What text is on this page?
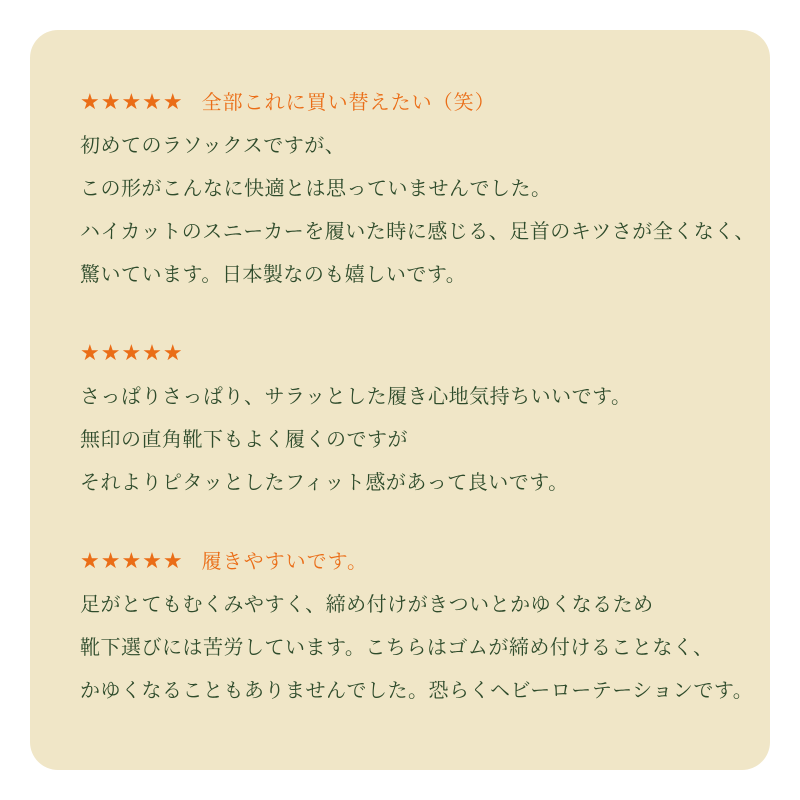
★★★★★ 全部これに買い替えたい（笑）
初めてのラソックスですが、
この形がこんなに快適とは思っていませんでした。
ハイカットのスニーカーを履いた時に感じる、足首のキツさが全くなく、
驚いています。日本製なのも嬉しいです。
★★★★★
さっぱりさっぱり、サラッとした履き心地気持ちいいです。
無印の直角靴下もよく履くのですが
それよりピタッとしたフィット感があって良いです。
★★★★★ 履きやすいです。
足がとてもむくみやすく、締め付けがきついとかゆくなるため
靴下選びには苦労しています。こちらはゴムが締め付けることなく、
かゆくなることもありませんでした。恐らくヘビーローテーションです。
